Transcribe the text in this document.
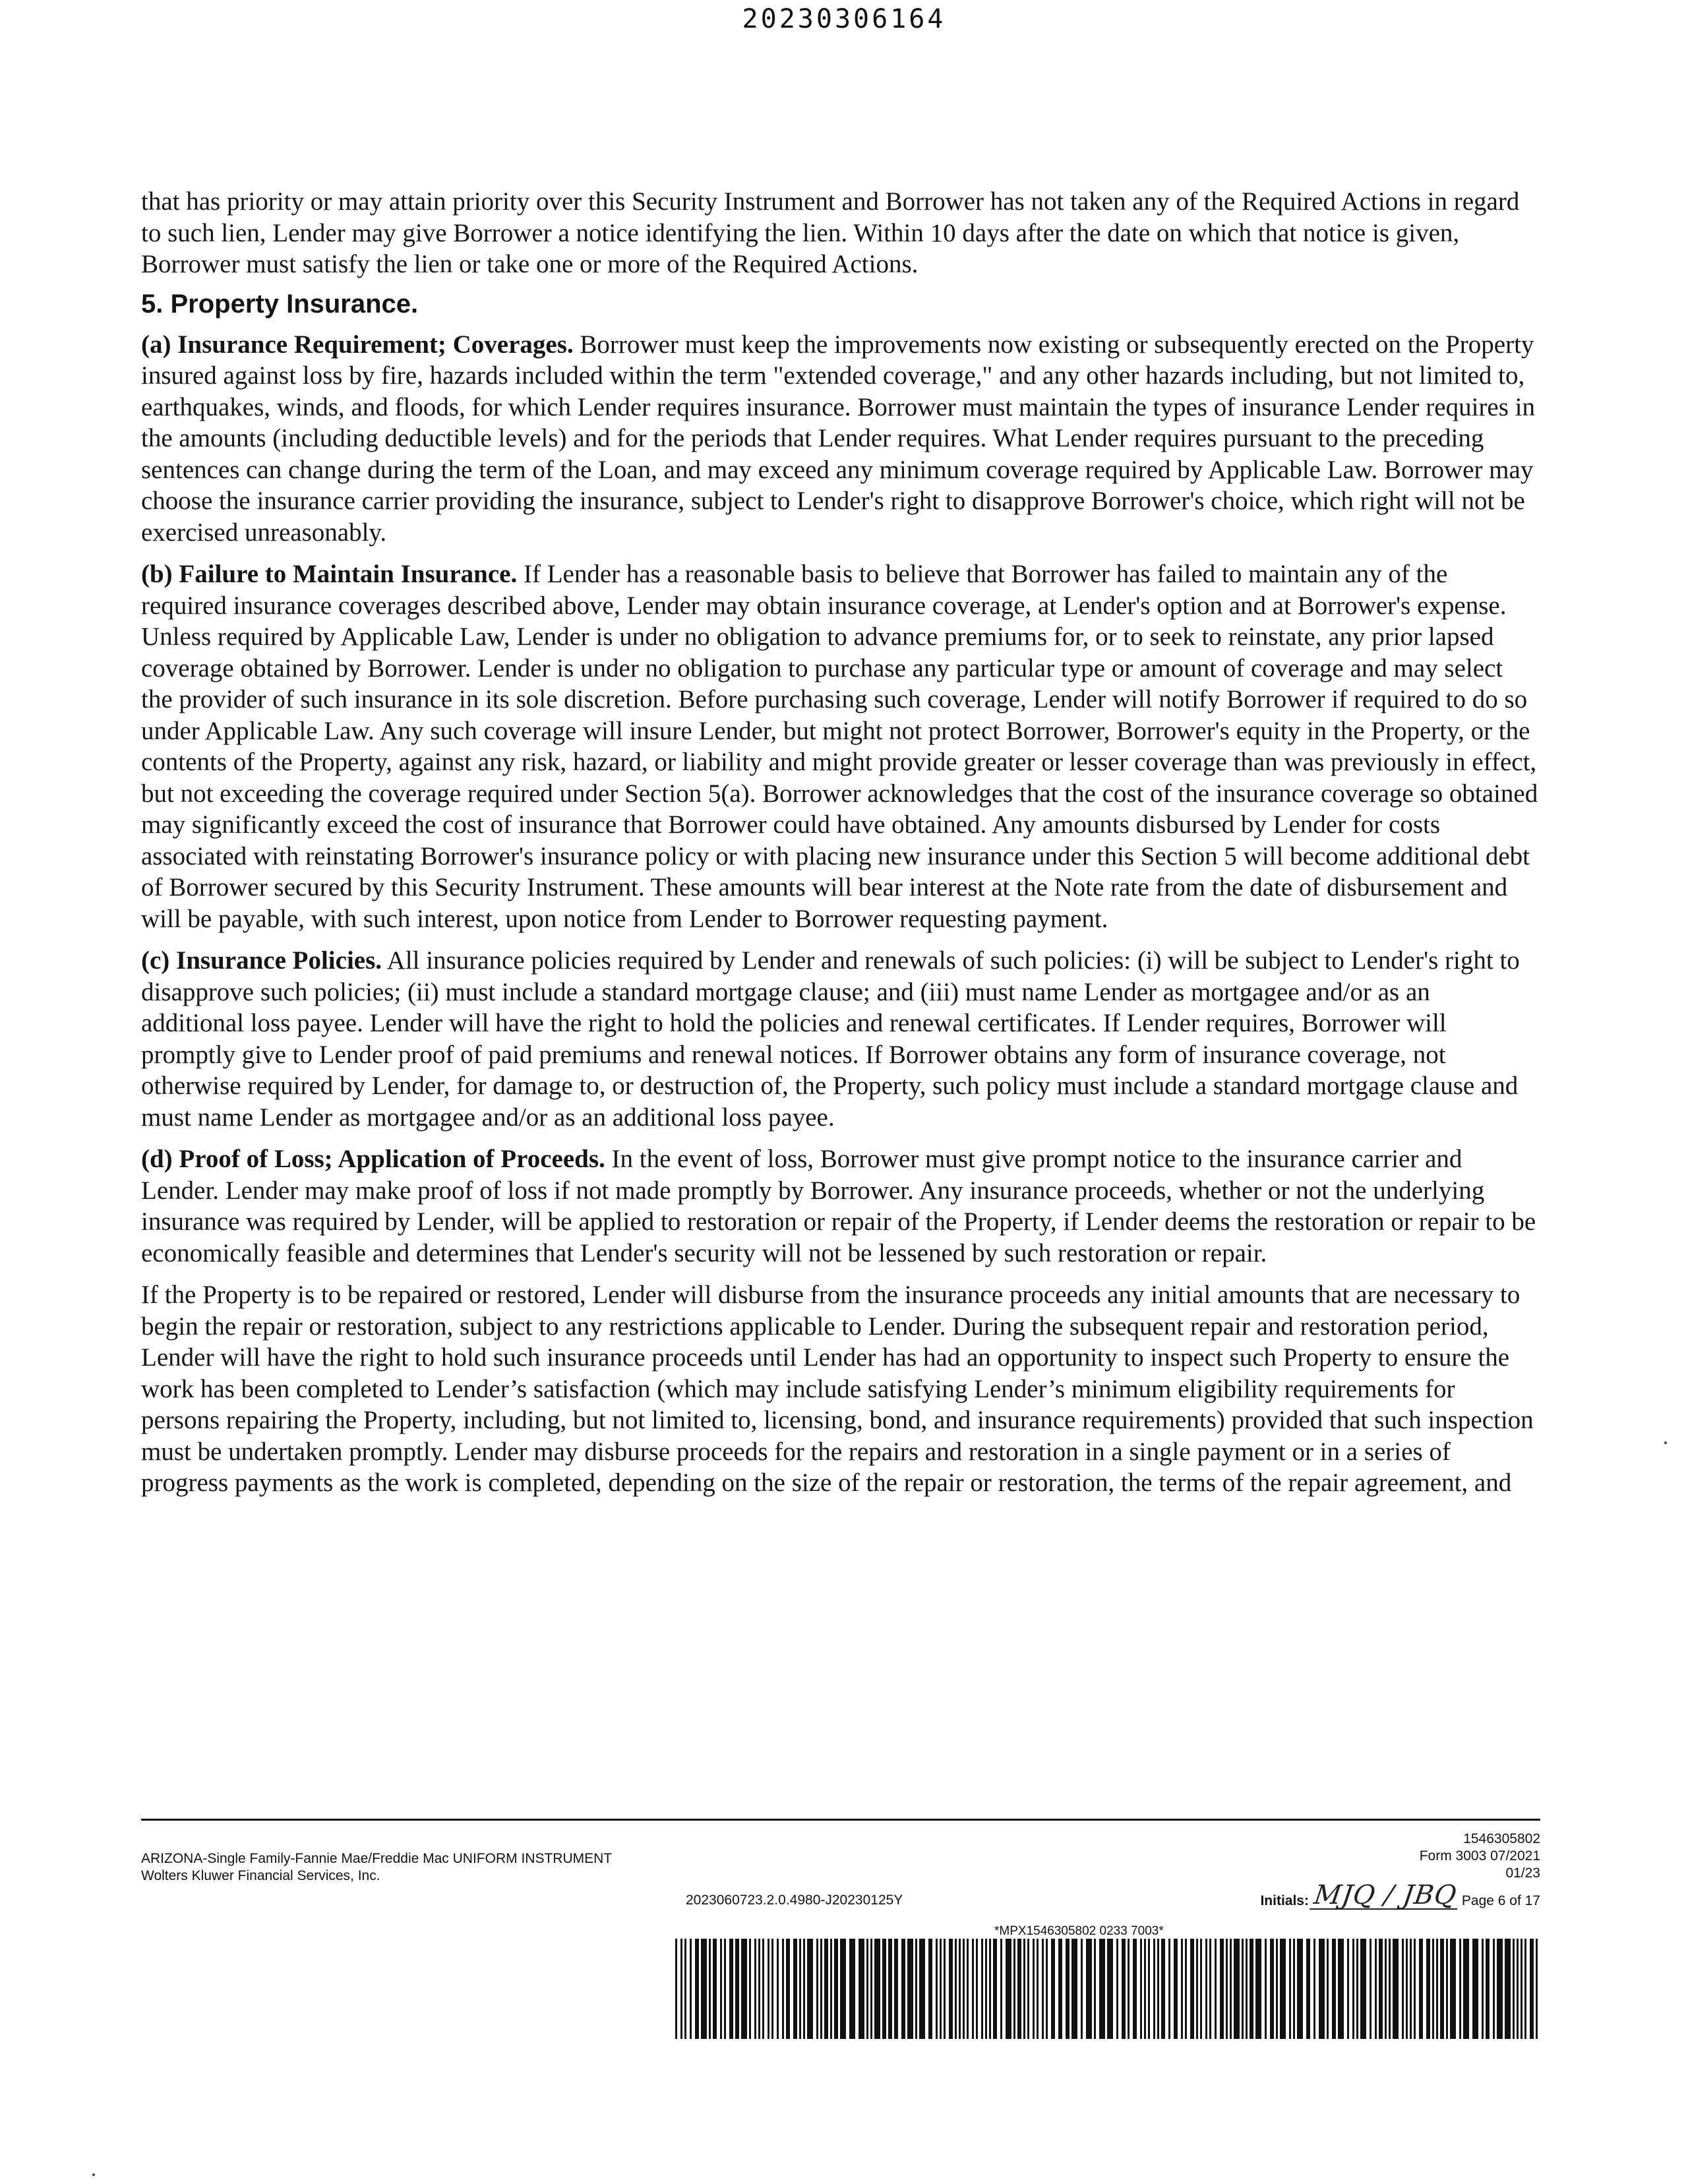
20230306164

that has priority or may attain priority over this Security Instrument and Borrower has not taken any of the Required Actions in regard to such lien, Lender may give Borrower a notice identifying the lien. Within 10 days after the date on which that notice is given, Borrower must satisfy the lien or take one or more of the Required Actions.

5. Property Insurance.

(a) Insurance Requirement; Coverages. Borrower must keep the improvements now existing or subsequently erected on the Property insured against loss by fire, hazards included within the term "extended coverage," and any other hazards including, but not limited to, earthquakes, winds, and floods, for which Lender requires insurance. Borrower must maintain the types of insurance Lender requires in the amounts (including deductible levels) and for the periods that Lender requires. What Lender requires pursuant to the preceding sentences can change during the term of the Loan, and may exceed any minimum coverage required by Applicable Law. Borrower may choose the insurance carrier providing the insurance, subject to Lender's right to disapprove Borrower's choice, which right will not be exercised unreasonably.

(b) Failure to Maintain Insurance. If Lender has a reasonable basis to believe that Borrower has failed to maintain any of the required insurance coverages described above, Lender may obtain insurance coverage, at Lender's option and at Borrower's expense. Unless required by Applicable Law, Lender is under no obligation to advance premiums for, or to seek to reinstate, any prior lapsed coverage obtained by Borrower. Lender is under no obligation to purchase any particular type or amount of coverage and may select the provider of such insurance in its sole discretion. Before purchasing such coverage, Lender will notify Borrower if required to do so under Applicable Law. Any such coverage will insure Lender, but might not protect Borrower, Borrower's equity in the Property, or the contents of the Property, against any risk, hazard, or liability and might provide greater or lesser coverage than was previously in effect, but not exceeding the coverage required under Section 5(a). Borrower acknowledges that the cost of the insurance coverage so obtained may significantly exceed the cost of insurance that Borrower could have obtained. Any amounts disbursed by Lender for costs associated with reinstating Borrower's insurance policy or with placing new insurance under this Section 5 will become additional debt of Borrower secured by this Security Instrument. These amounts will bear interest at the Note rate from the date of disbursement and will be payable, with such interest, upon notice from Lender to Borrower requesting payment.

(c) Insurance Policies. All insurance policies required by Lender and renewals of such policies: (i) will be subject to Lender's right to disapprove such policies; (ii) must include a standard mortgage clause; and (iii) must name Lender as mortgagee and/or as an additional loss payee. Lender will have the right to hold the policies and renewal certificates. If Lender requires, Borrower will promptly give to Lender proof of paid premiums and renewal notices. If Borrower obtains any form of insurance coverage, not otherwise required by Lender, for damage to, or destruction of, the Property, such policy must include a standard mortgage clause and must name Lender as mortgagee and/or as an additional loss payee.

(d) Proof of Loss; Application of Proceeds. In the event of loss, Borrower must give prompt notice to the insurance carrier and Lender. Lender may make proof of loss if not made promptly by Borrower. Any insurance proceeds, whether or not the underlying insurance was required by Lender, will be applied to restoration or repair of the Property, if Lender deems the restoration or repair to be economically feasible and determines that Lender's security will not be lessened by such restoration or repair.

If the Property is to be repaired or restored, Lender will disburse from the insurance proceeds any initial amounts that are necessary to begin the repair or restoration, subject to any restrictions applicable to Lender. During the subsequent repair and restoration period, Lender will have the right to hold such insurance proceeds until Lender has had an opportunity to inspect such Property to ensure the work has been completed to Lender’s satisfaction (which may include satisfying Lender’s minimum eligibility requirements for persons repairing the Property, including, but not limited to, licensing, bond, and insurance requirements) provided that such inspection must be undertaken promptly. Lender may disburse proceeds for the repairs and restoration in a single payment or in a series of progress payments as the work is completed, depending on the size of the repair or restoration, the terms of the repair agreement, and

ARIZONA-Single Family-Fannie Mae/Freddie Mac UNIFORM INSTRUMENT
Wolters Kluwer Financial Services, Inc.
2023060723.2.0.4980-J20230125Y
1546305802
Form 3003 07/2021
01/23
Initials: MJQ / JBQ Page 6 of 17
*MPX1546305802 0233 7003*
